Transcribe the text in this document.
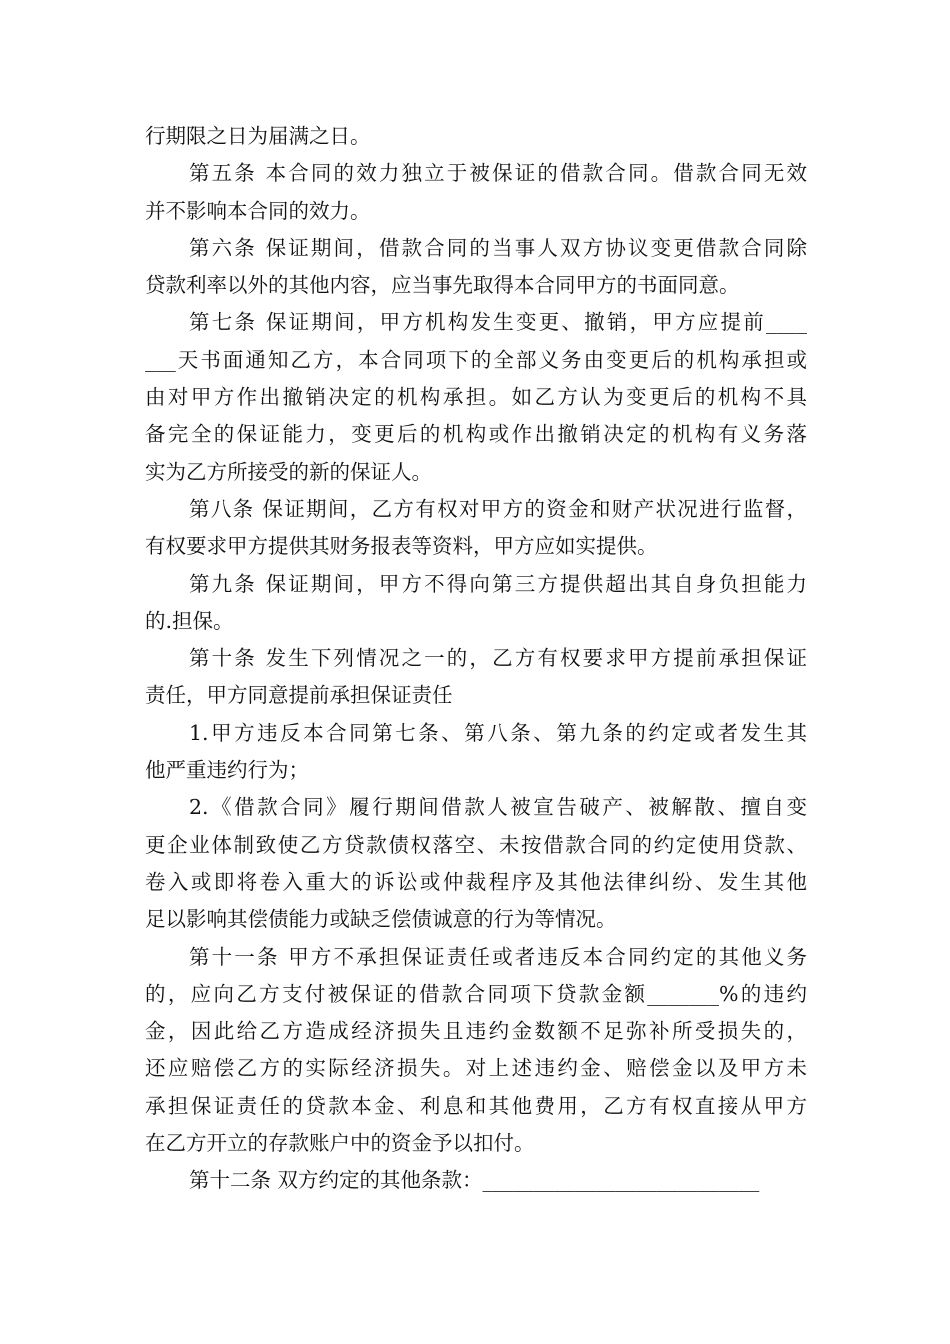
行期限之日为届满之日。
第五条 本合同的效力独立于被保证的借款合同。借款合同无效
并不影响本合同的效力。
第六条 保证期间，借款合同的当事人双方协议变更借款合同除
贷款利率以外的其他内容，应当事先取得本合同甲方的书面同意。
第七条 保证期间，甲方机构发生变更、撤销，甲方应提前____
___天书面通知乙方，本合同项下的全部义务由变更后的机构承担或
由对甲方作出撤销决定的机构承担。如乙方认为变更后的机构不具
备完全的保证能力，变更后的机构或作出撤销决定的机构有义务落
实为乙方所接受的新的保证人。
第八条 保证期间，乙方有权对甲方的资金和财产状况进行监督，
有权要求甲方提供其财务报表等资料，甲方应如实提供。
第九条 保证期间，甲方不得向第三方提供超出其自身负担能力
的.担保。
第十条 发生下列情况之一的，乙方有权要求甲方提前承担保证
责任，甲方同意提前承担保证责任
1.甲方违反本合同第七条、第八条、第九条的约定或者发生其
他严重违约行为；
2.《借款合同》履行期间借款人被宣告破产、被解散、擅自变
更企业体制致使乙方贷款债权落空、未按借款合同的约定使用贷款、
卷入或即将卷入重大的诉讼或仲裁程序及其他法律纠纷、发生其他
足以影响其偿债能力或缺乏偿债诚意的行为等情况。
第十一条 甲方不承担保证责任或者违反本合同约定的其他义务
的，应向乙方支付被保证的借款合同项下贷款金额_______%的违约
金，因此给乙方造成经济损失且违约金数额不足弥补所受损失的，
还应赔偿乙方的实际经济损失。对上述违约金、赔偿金以及甲方未
承担保证责任的贷款本金、利息和其他费用，乙方有权直接从甲方
在乙方开立的存款账户中的资金予以扣付。
第十二条 双方约定的其他条款：___________________________
